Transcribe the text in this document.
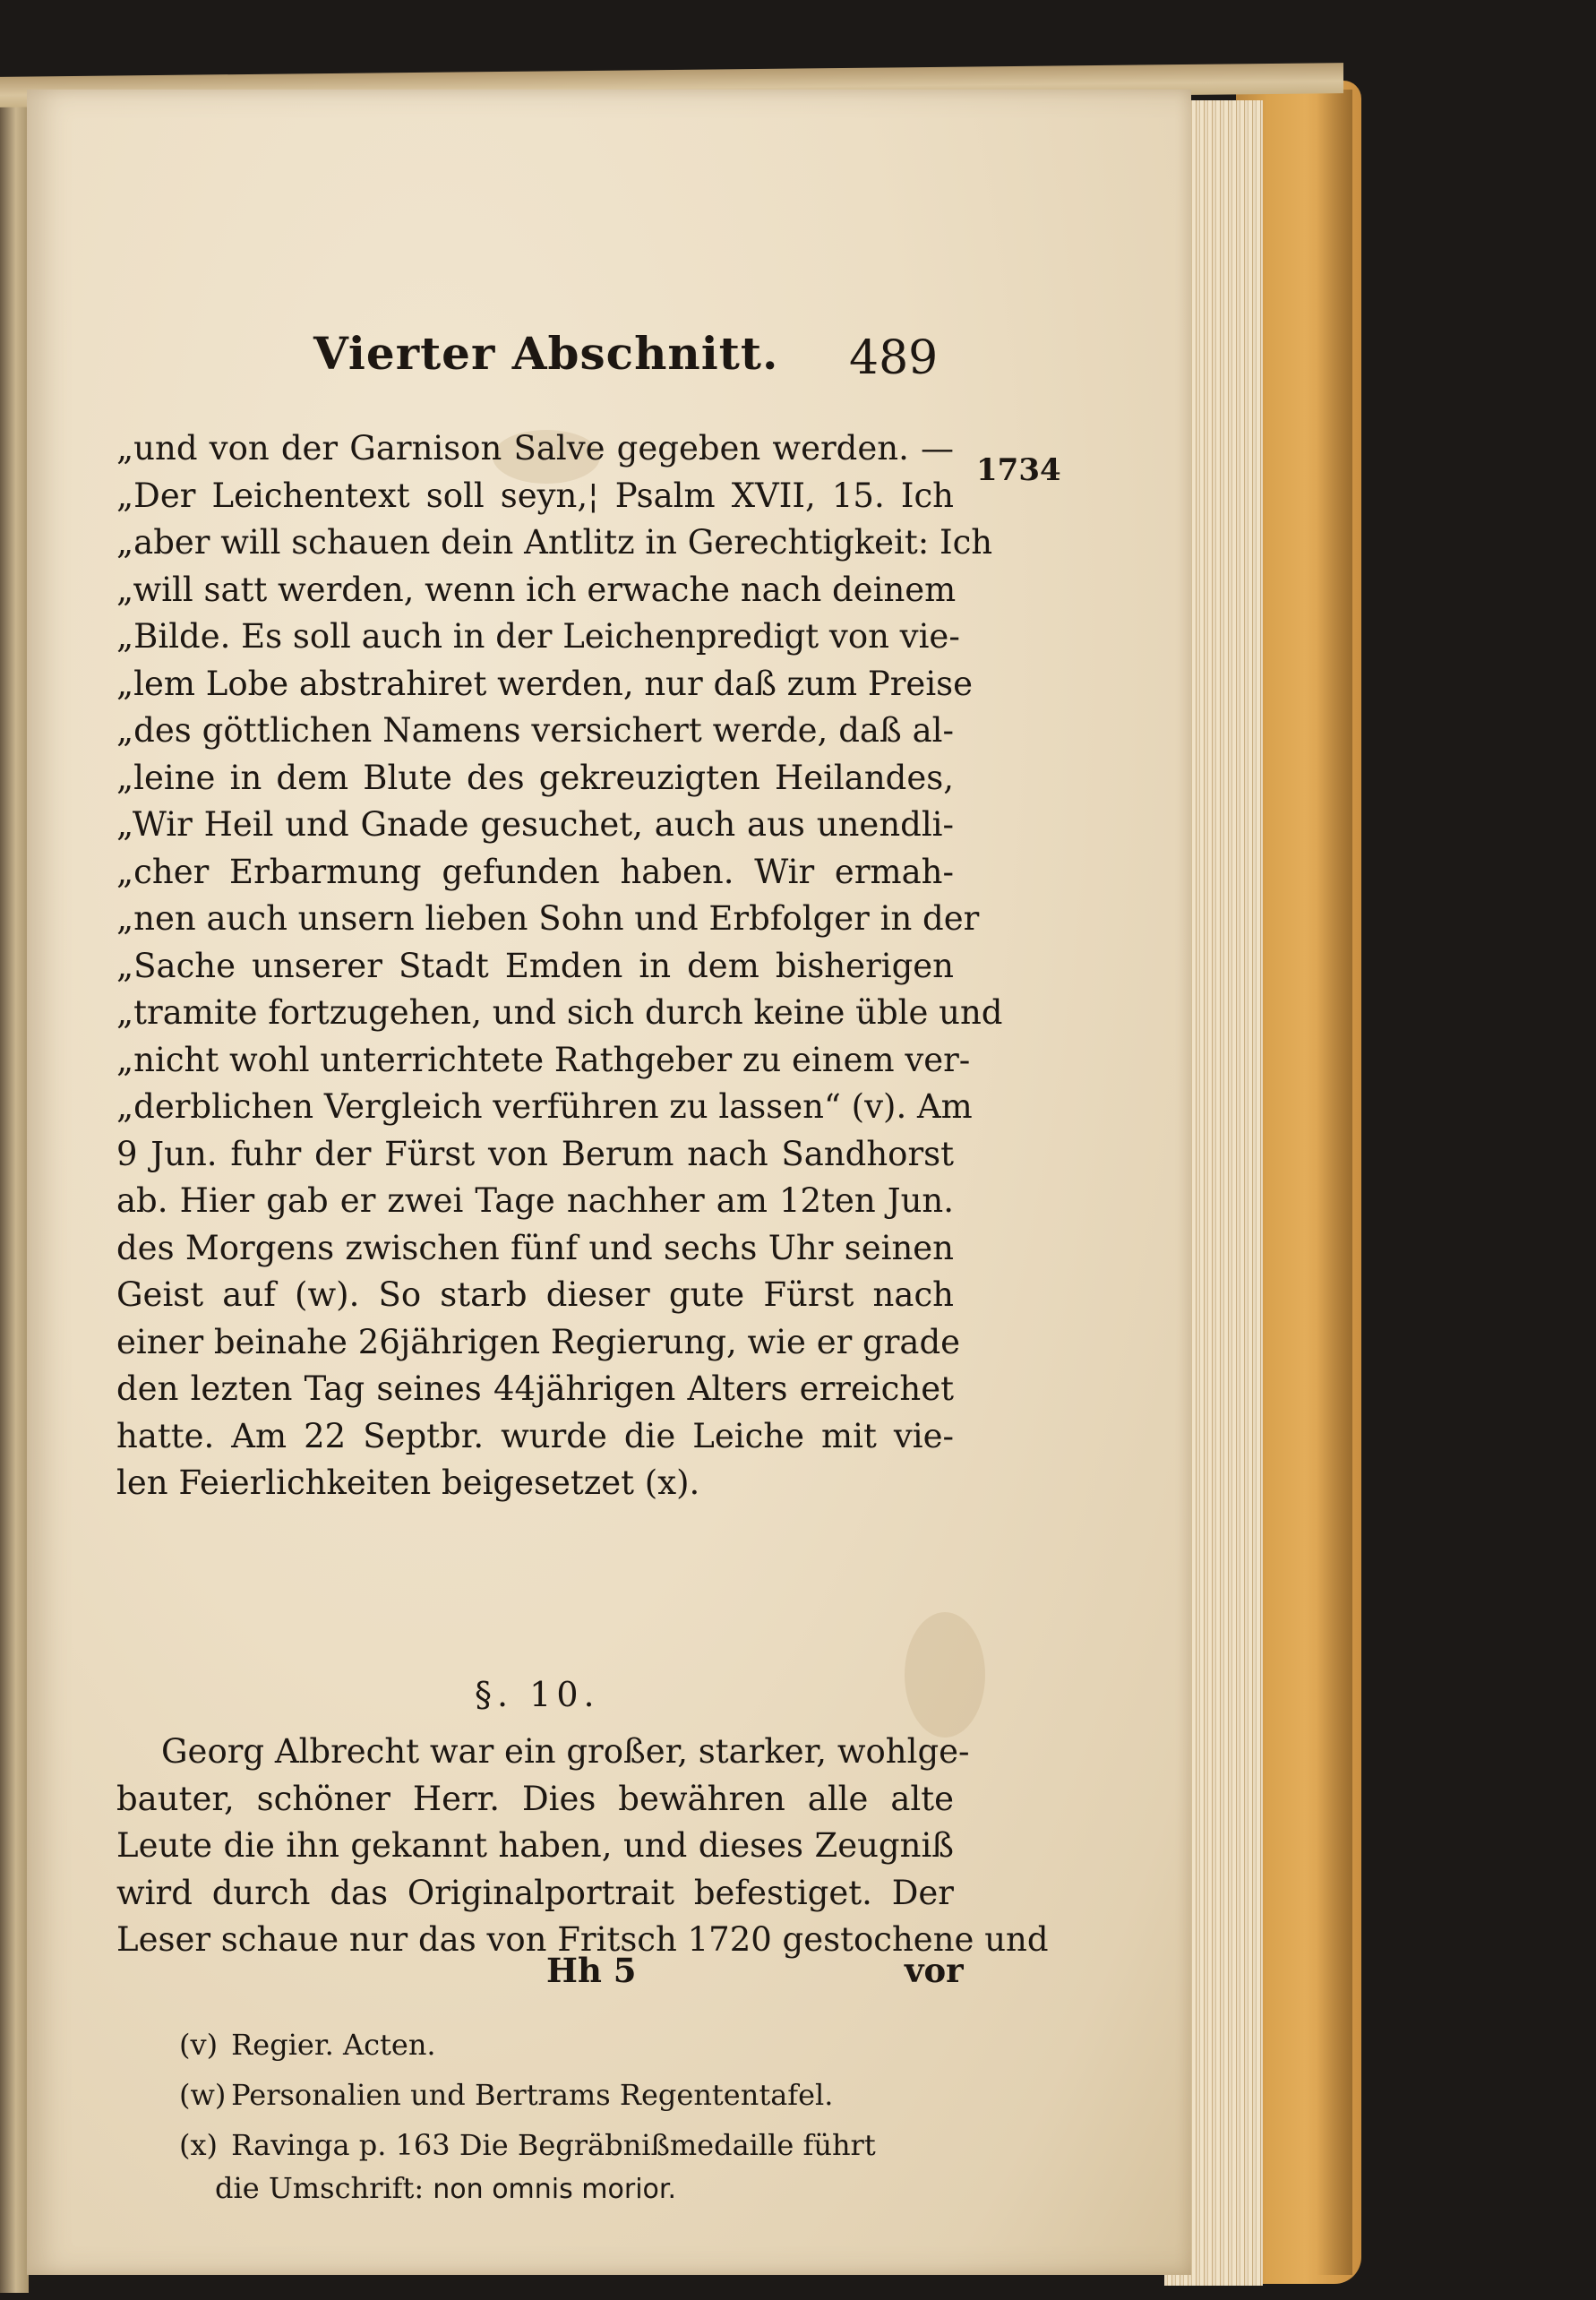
Vierter Abschnitt. 489
1734
„und von der Garnison Salve gegeben werden. —
„Der Leichentext soll seyn,¦ Psalm XVII, 15. Ich
„aber will schauen dein Antlitz in Gerechtigkeit: Ich
„will satt werden, wenn ich erwache nach deinem
„Bilde. Es soll auch in der Leichenpredigt von vie-
„lem Lobe abstrahiret werden, nur daß zum Preise
„des göttlichen Namens versichert werde, daß al-
„leine in dem Blute des gekreuzigten Heilandes,
„Wir Heil und Gnade gesuchet, auch aus unendli-
„cher Erbarmung gefunden haben. Wir ermah-
„nen auch unsern lieben Sohn und Erbfolger in der
„Sache unserer Stadt Emden in dem bisherigen
„tramite fortzugehen, und sich durch keine üble und
„nicht wohl unterrichtete Rathgeber zu einem ver-
„derblichen Vergleich verführen zu lassen“ (v). Am
9 Jun. fuhr der Fürst von Berum nach Sandhorst
ab. Hier gab er zwei Tage nachher am 12ten Jun.
des Morgens zwischen fünf und sechs Uhr seinen
Geist auf (w). So starb dieser gute Fürst nach
einer beinahe 26jährigen Regierung, wie er grade
den lezten Tag seines 44jährigen Alters erreichet
hatte. Am 22 Septbr. wurde die Leiche mit vie-
len Feierlichkeiten beigesetzet (x).
§. 10.
Georg Albrecht war ein großer, starker, wohlge-
bauter, schöner Herr. Dies bewähren alle alte
Leute die ihn gekannt haben, und dieses Zeugniß
wird durch das Originalportrait befestiget. Der
Leser schaue nur das von Fritsch 1720 gestochene und
Hh 5	vor
(v) Regier. Acten.
(w) Personalien und Bertrams Regententafel.
(x) Ravinga p. 163 Die Begräbnißmedaille führt
die Umschrift: non omnis morior.
